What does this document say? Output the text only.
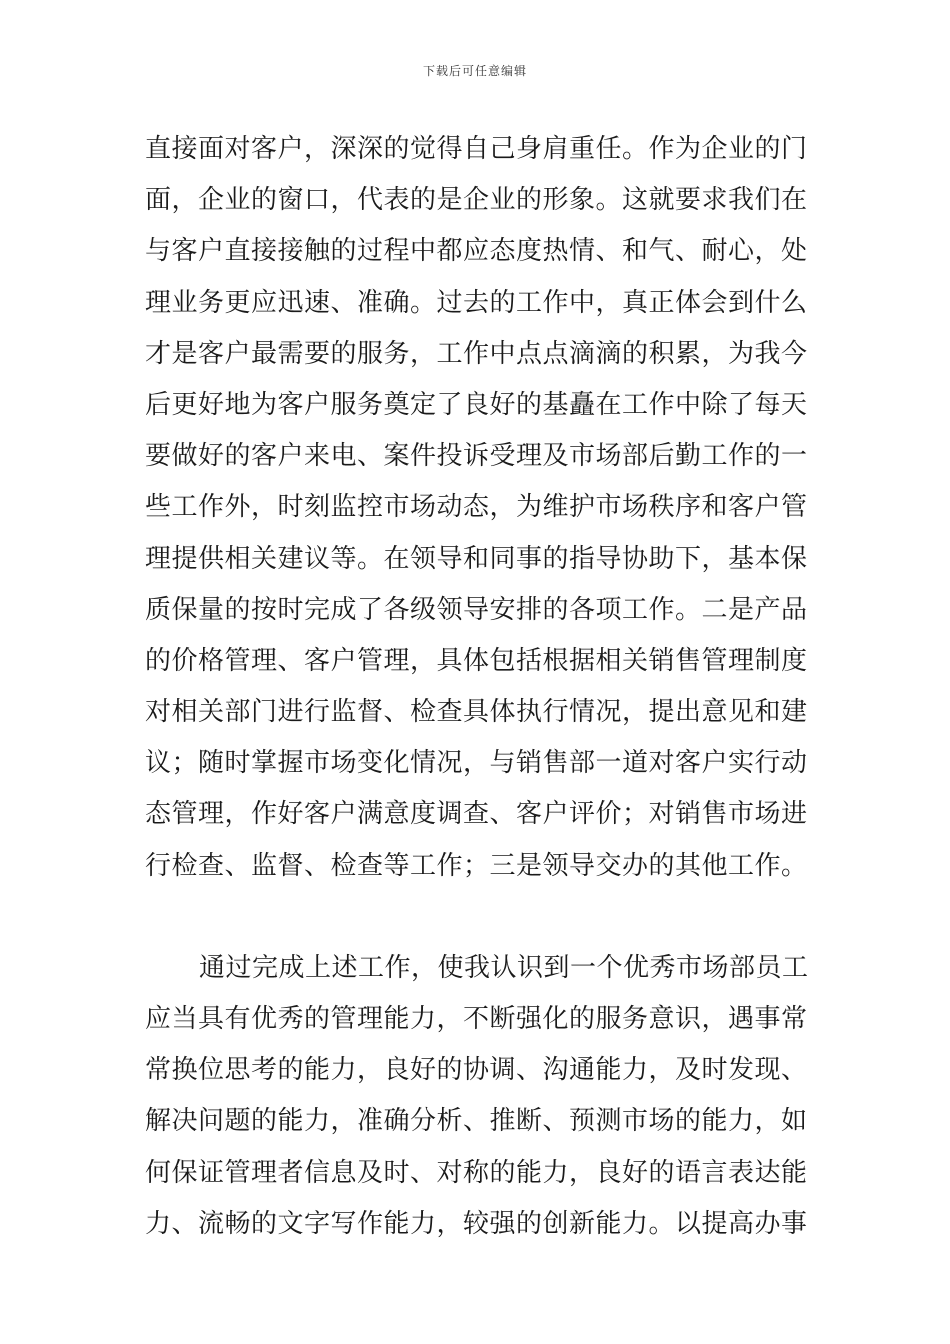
下载后可任意编辑
直接面对客户，深深的觉得自己身肩重任。作为企业的门
面，企业的窗口，代表的是企业的形象。这就要求我们在
与客户直接接触的过程中都应态度热情、和气、耐心，处
理业务更应迅速、准确。过去的工作中，真正体会到什么
才是客户最需要的服务，工作中点点滴滴的积累，为我今
后更好地为客户服务奠定了良好的基矗在工作中除了每天
要做好的客户来电、案件投诉受理及市场部后勤工作的一
些工作外，时刻监控市场动态，为维护市场秩序和客户管
理提供相关建议等。在领导和同事的指导协助下，基本保
质保量的按时完成了各级领导安排的各项工作。二是产品
的价格管理、客户管理，具体包括根据相关销售管理制度
对相关部门进行监督、检查具体执行情况，提出意见和建
议；随时掌握市场变化情况，与销售部一道对客户实行动
态管理，作好客户满意度调查、客户评价；对销售市场进
行检查、监督、检查等工作；三是领导交办的其他工作。
通过完成上述工作，使我认识到一个优秀市场部员工
应当具有优秀的管理能力，不断强化的服务意识，遇事常
常换位思考的能力，良好的协调、沟通能力，及时发现、
解决问题的能力，准确分析、推断、预测市场的能力，如
何保证管理者信息及时、对称的能力，良好的语言表达能
力、流畅的文字写作能力，较强的创新能力。以提高办事
